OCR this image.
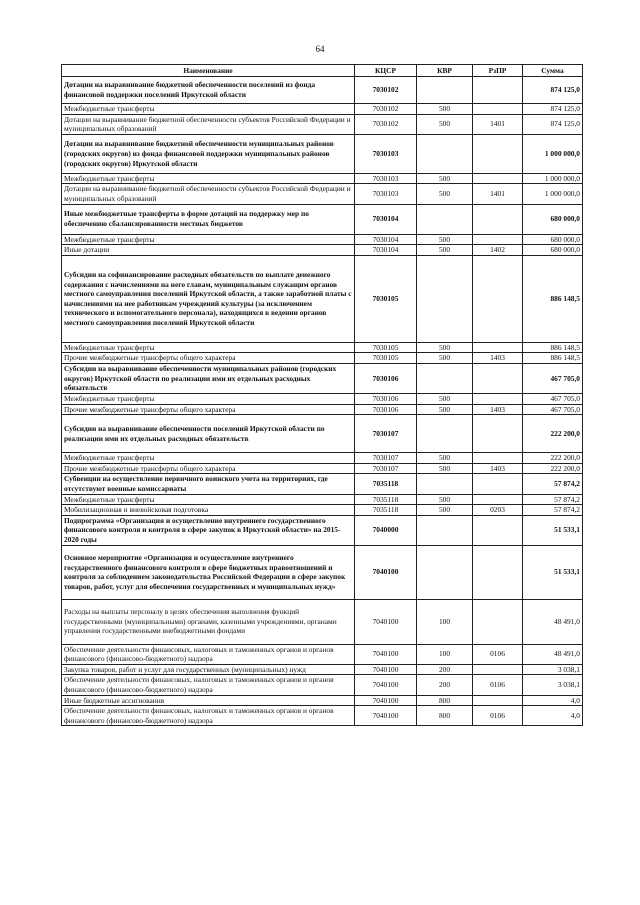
64
Наименование	КЦСР	КВР	РзПР	Сумма
Дотации на выравнивание бюджетной обеспеченности поселений из фонда финансовой поддержки поселений Иркутской области	7030102			874 125,0
Межбюджетные трансферты	7030102	500		874 125,0
Дотации на выравнивание бюджетной обеспеченности субъектов Российской Федерации и муниципальных образований	7030102	500	1401	874 125,0
Дотации на выравнивание бюджетной обеспеченности муниципальных районов (городских округов) из фонда финансовой поддержки муниципальных районов (городских округов) Иркутской области	7030103			1 000 000,0
Межбюджетные трансферты	7030103	500		1 000 000,0
Дотации на выравнивание бюджетной обеспеченности субъектов Российской Федерации и муниципальных образований	7030103	500	1401	1 000 000,0
Иные межбюджетные трансферты в форме дотаций на поддержку мер по обеспечению сбалансированности местных бюджетов	7030104			680 000,0
Межбюджетные трансферты	7030104	500		680 000,0
Иные дотации	7030104	500	1402	680 000,0
Субсидии на софинансирование расходных обязательств по выплате денежного содержания с начислениями на него главам, муниципальным служащим органов местного самоуправления поселений Иркутской области, а также заработной платы с начислениями на нее работникам учреждений культуры (за исключением технического и вспомогательного персонала), находящихся в ведении органов местного самоуправления поселений Иркутской области	7030105			886 148,5
Межбюджетные трансферты	7030105	500		886 148,5
Прочие межбюджетные трансферты общего характера	7030105	500	1403	886 148,5
Субсидии на выравнивание обеспеченности муниципальных районов (городских округов) Иркутской области по реализации ими их отдельных расходных обязательств	7030106			467 705,0
Межбюджетные трансферты	7030106	500		467 705,0
Прочие межбюджетные трансферты общего характера	7030106	500	1403	467 705,0
Субсидии на выравнивание обеспеченности поселений Иркутской области по реализации ими их отдельных расходных обязательств	7030107			222 200,0
Межбюджетные трансферты	7030107	500		222 200,0
Прочие межбюджетные трансферты общего характера	7030107	500	1403	222 200,0
Субвенции на осуществление первичного воинского учета на территориях, где отсутствуют военные комиссариаты	7035118			57 874,2
Межбюджетные трансферты	7035118	500		57 874,2
Мобилизационная и вневойсковая подготовка	7035118	500	0203	57 874,2
Подпрограмма «Организация и осуществление внутреннего государственного финансового контроля и контроля в сфере закупок в Иркутской области» на 2015-2020 годы	7040000			51 533,1
Основное мероприятие «Организация и осуществление внутреннего государственного финансового контроля в сфере бюджетных правоотношений и контроля за соблюдением законодательства Российской Федерации в сфере закупок товаров, работ, услуг для обеспечения государственных и муниципальных нужд»	7040100			51 533,1
Расходы на выплаты персоналу в целях обеспечения выполнения функций государственными (муниципальными) органами, казенными учреждениями, органами управления государственными внебюджетными фондами	7040100	100		48 491,0
Обеспечение деятельности финансовых, налоговых и таможенных органов и органов финансового (финансово-бюджетного) надзора	7040100	100	0106	48 491,0
Закупка товаров, работ и услуг для государственных (муниципальных) нужд	7040100	200		3 038,1
Обеспечение деятельности финансовых, налоговых и таможенных органов и органов финансового (финансово-бюджетного) надзора	7040100	200	0106	3 038,1
Иные бюджетные ассигнования	7040100	800		4,0
Обеспечение деятельности финансовых, налоговых и таможенных органов и органов финансового (финансово-бюджетного) надзора	7040100	800	0106	4,0
